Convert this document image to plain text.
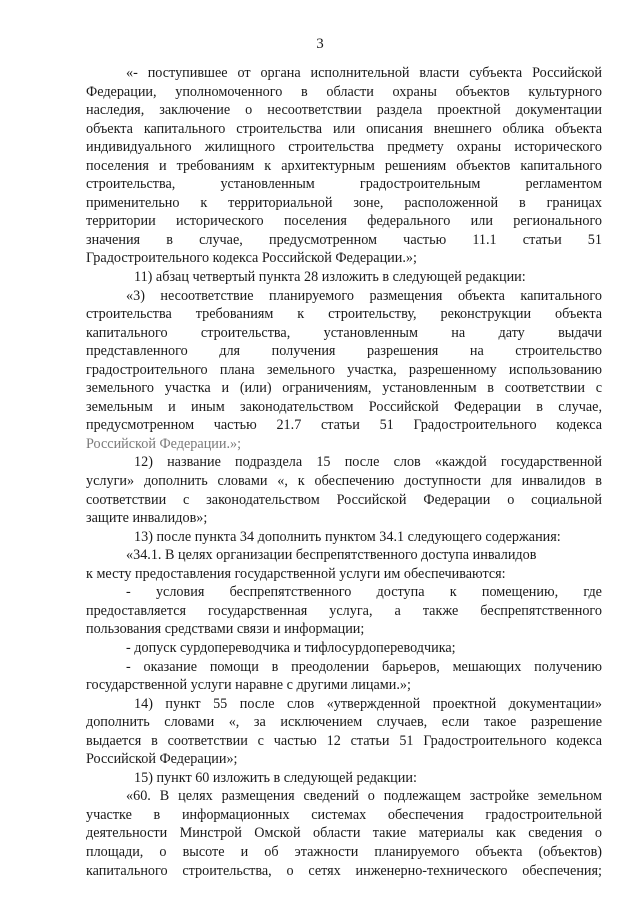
3
«- поступившее от органа исполнительной власти субъекта Российской
Федерации, уполномоченного в области охраны объектов культурного
наследия, заключение о несоответствии раздела проектной документации
объекта капитального строительства или описания внешнего облика объекта
индивидуального жилищного строительства предмету охраны исторического
поселения и требованиям к архитектурным решениям объектов капитального
строительства, установленным градостроительным регламентом
применительно к территориальной зоне, расположенной в границах
территории исторического поселения федерального или регионального
значения в случае, предусмотренном частью 11.1 статьи 51
Градостроительного кодекса Российской Федерации.»;
11) абзац четвертый пункта 28 изложить в следующей редакции:
«3) несоответствие планируемого размещения объекта капитального
строительства требованиям к строительству, реконструкции объекта
капитального строительства, установленным на дату выдачи
представленного для получения разрешения на строительство
градостроительного плана земельного участка, разрешенному использованию
земельного участка и (или) ограничениям, установленным в соответствии с
земельным и иным законодательством Российской Федерации в случае,
предусмотренном частью 21.7 статьи 51 Градостроительного кодекса
Российской Федерации.»;
12) название подраздела 15 после слов «каждой государственной
услуги» дополнить словами «, к обеспечению доступности для инвалидов в
соответствии с законодательством Российской Федерации о социальной
защите инвалидов»;
13) после пункта 34 дополнить пунктом 34.1 следующего содержания:
«34.1. В целях организации беспрепятственного доступа инвалидов
к месту предоставления государственной услуги им обеспечиваются:
- условия беспрепятственного доступа к помещению, где
предоставляется государственная услуга, а также беспрепятственного
пользования средствами связи и информации;
- допуск сурдопереводчика и тифлосурдопереводчика;
- оказание помощи в преодолении барьеров, мешающих получению
государственной услуги наравне с другими лицами.»;
14) пункт 55 после слов «утвержденной проектной документации»
дополнить словами «, за исключением случаев, если такое разрешение
выдается в соответствии с частью 12 статьи 51 Градостроительного кодекса
Российской Федерации»;
15) пункт 60 изложить в следующей редакции:
«60. В целях размещения сведений о подлежащем застройке земельном
участке в информационных системах обеспечения градостроительной
деятельности Минстрой Омской области такие материалы как сведения о
площади, о высоте и об этажности планируемого объекта (объектов)
капитального строительства, о сетях инженерно-технического обеспечения;
